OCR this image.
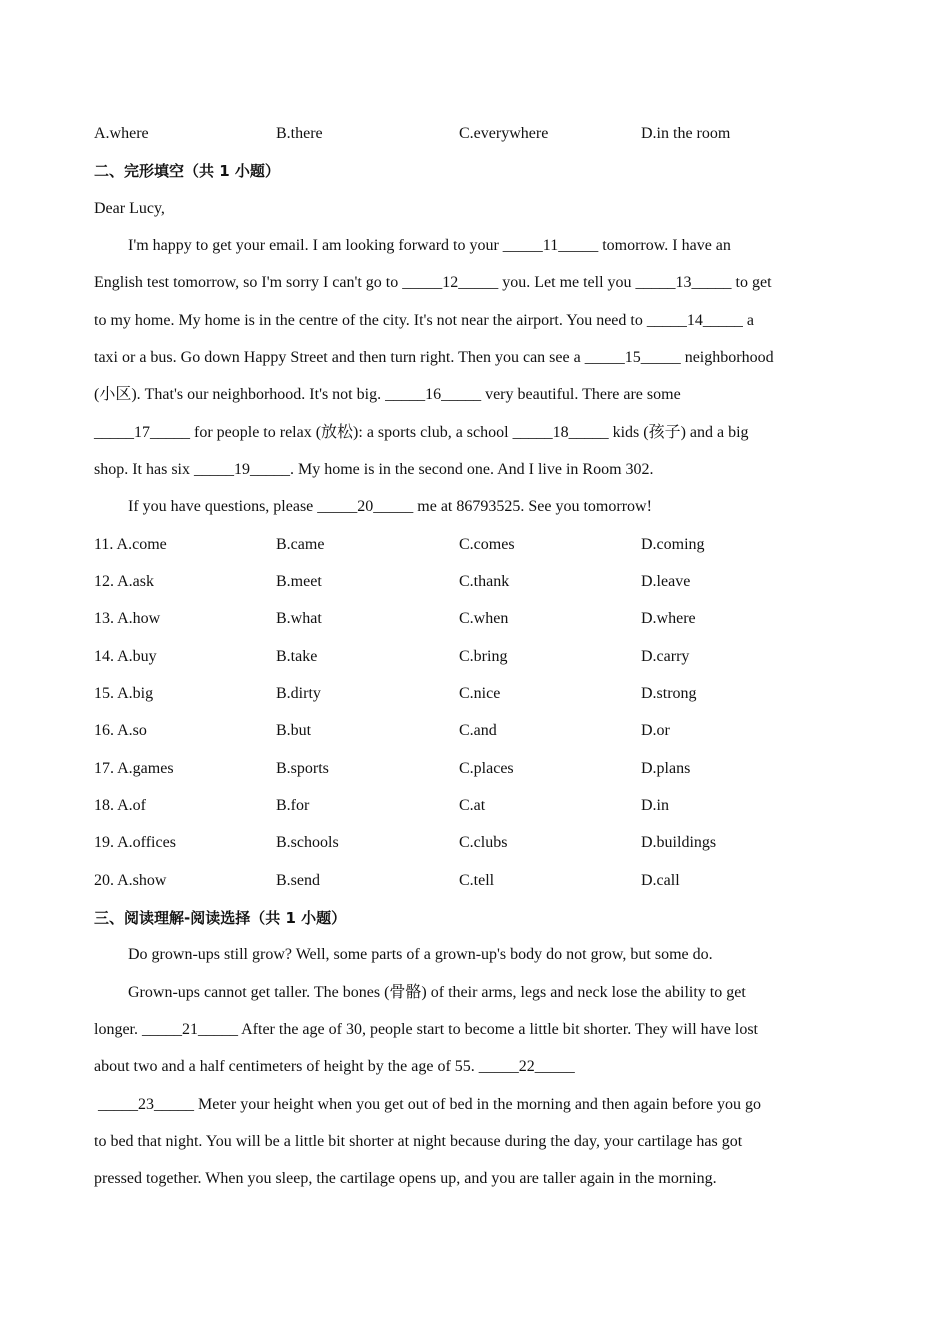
A.where	B.there	C.everywhere	D.in the room
二、完形填空（共 1 小题）
Dear Lucy,
I'm happy to get your email. I am looking forward to your _____11_____ tomorrow. I have an
English test tomorrow, so I'm sorry I can't go to _____12_____ you. Let me tell you _____13_____ to get
to my home. My home is in the centre of the city. It's not near the airport. You need to _____14_____ a
taxi or a bus. Go down Happy Street and then turn right. Then you can see a _____15_____ neighborhood
(小区). That's our neighborhood. It's not big. _____16_____ very beautiful. There are some
_____17_____ for people to relax (放松): a sports club, a school _____18_____ kids (孩子) and a big
shop. It has six _____19_____. My home is in the second one. And I live in Room 302.
If you have questions, please _____20_____ me at 86793525. See you tomorrow!
11. A.come	B.came	C.comes	D.coming
12. A.ask	B.meet	C.thank	D.leave
13. A.how	B.what	C.when	D.where
14. A.buy	B.take	C.bring	D.carry
15. A.big	B.dirty	C.nice	D.strong
16. A.so	B.but	C.and	D.or
17. A.games	B.sports	C.places	D.plans
18. A.of	B.for	C.at	D.in
19. A.offices	B.schools	C.clubs	D.buildings
20. A.show	B.send	C.tell	D.call
三、阅读理解-阅读选择（共 1 小题）
Do grown-ups still grow? Well, some parts of a grown-up's body do not grow, but some do.
Grown-ups cannot get taller. The bones (骨骼) of their arms, legs and neck lose the ability to get
longer. _____21_____ After the age of 30, people start to become a little bit shorter. They will have lost
about two and a half centimeters of height by the age of 55. _____22_____
_____23_____ Meter your height when you get out of bed in the morning and then again before you go
to bed that night. You will be a little bit shorter at night because during the day, your cartilage has got
pressed together. When you sleep, the cartilage opens up, and you are taller again in the morning.
